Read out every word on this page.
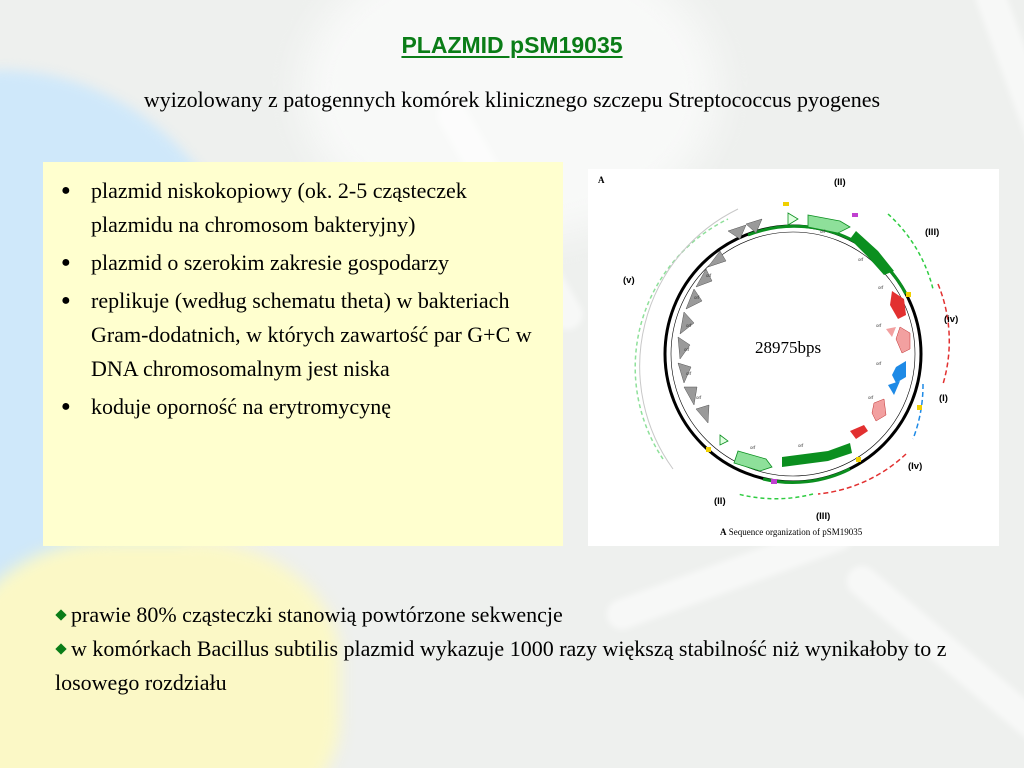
PLAZMID pSM19035
wyizolowany z patogennych komórek klinicznego szczepu Streptococcus pyogenes
● plazmid niskokopiowy (ok. 2-5 cząsteczek plazmidu na chromosom bakteryjny)
● plazmid o szerokim zakresie gospodarzy
● replikuje (według schematu theta) w bakteriach Gram-dodatnich, w których zawartość par G+C w DNA chromosomalnym jest niska
● koduje oporność na erytromycynę
A
orf
orf
orf
orf
orf
orf
orf
orf
orf
orf
orf
orf
orf
orf
28975bps
(II)
(III)
(iv)
(I)
(Iv)
(III)
(II)
(v)
A Sequence organization of pSM19035
prawie 80% cząsteczki stanowią powtórzone sekwencje
w komórkach Bacillus subtilis plazmid wykazuje 1000 razy większą stabilność niż wynikałoby to z losowego rozdziału
